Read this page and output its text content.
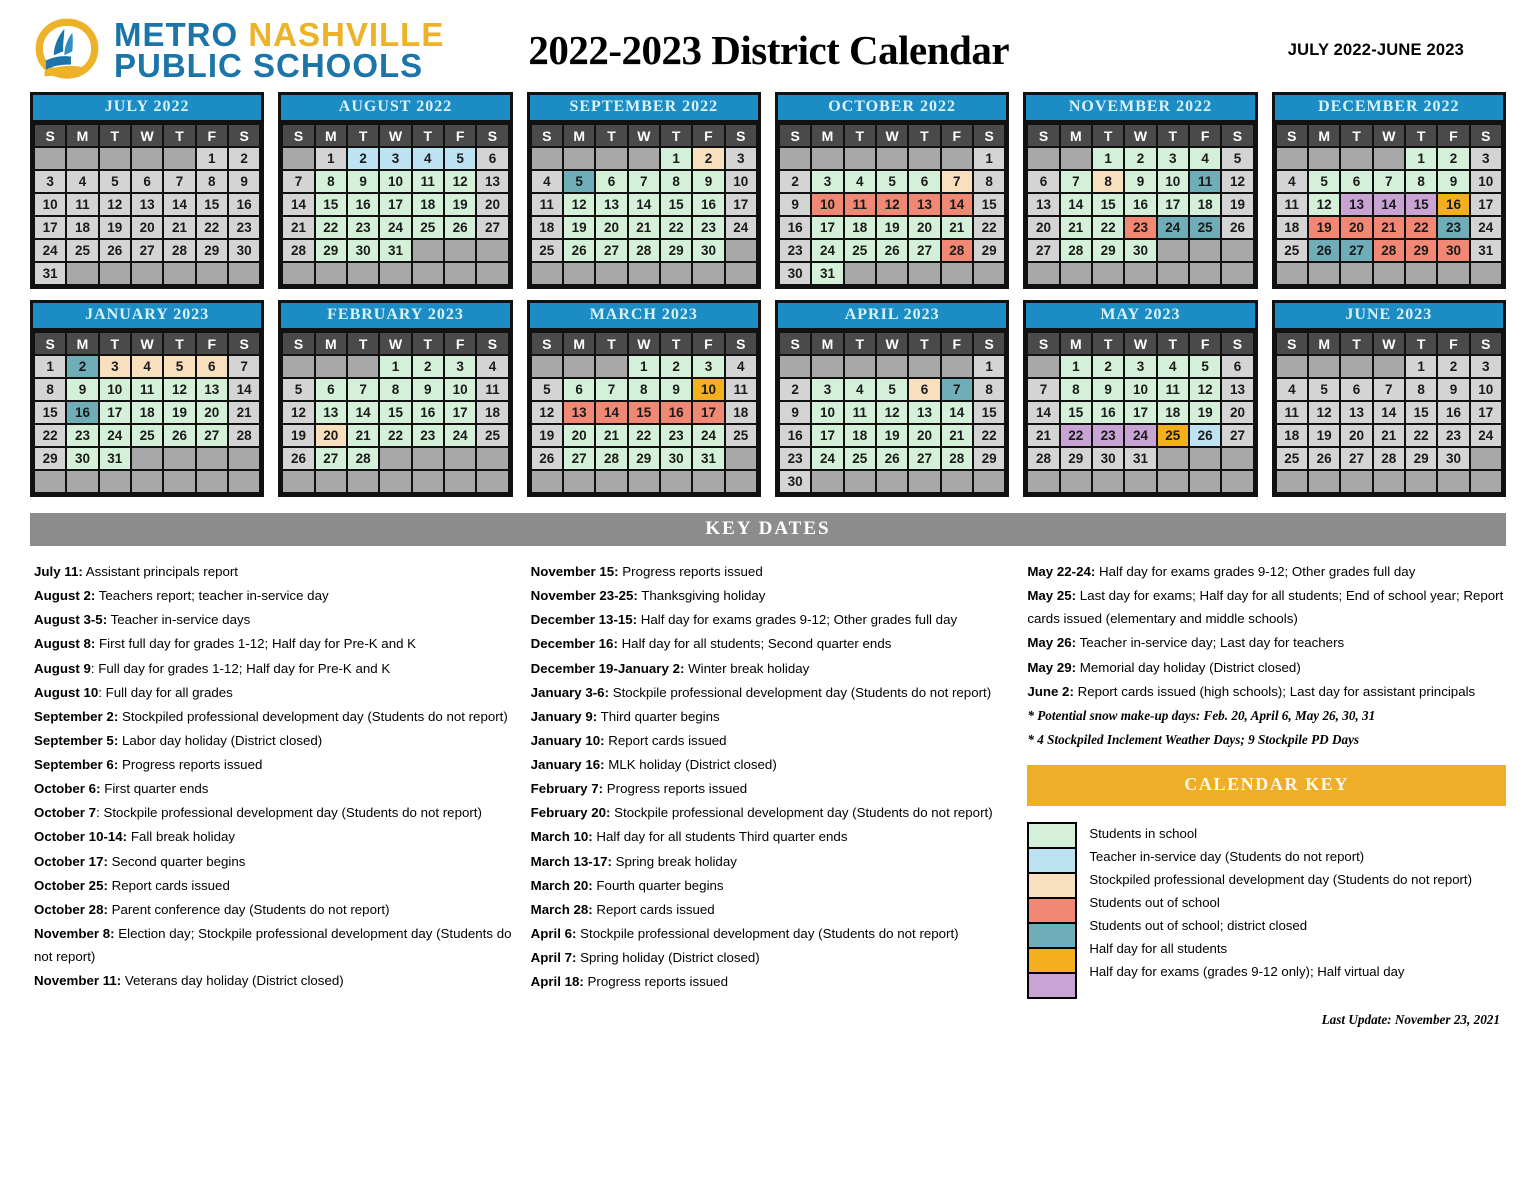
METRO NASHVILLE
PUBLIC SCHOOLS	2022-2023 District Calendar	JULY 2022-JUNE 2023
JULY 2022
S	M	T	W	T	F	S
					1	2
3	4	5	6	7	8	9
10	11	12	13	14	15	16
17	18	19	20	21	22	23
24	25	26	27	28	29	30
31						
AUGUST 2022
S	M	T	W	T	F	S
	1	2	3	4	5	6
7	8	9	10	11	12	13
14	15	16	17	18	19	20
21	22	23	24	25	26	27
28	29	30	31			

SEPTEMBER 2022
S	M	T	W	T	F	S
				1	2	3
4	5	6	7	8	9	10
11	12	13	14	15	16	17
18	19	20	21	22	23	24
25	26	27	28	29	30	

OCTOBER 2022
S	M	T	W	T	F	S
						1
2	3	4	5	6	7	8
9	10	11	12	13	14	15
16	17	18	19	20	21	22
23	24	25	26	27	28	29
30	31					
NOVEMBER 2022
S	M	T	W	T	F	S
		1	2	3	4	5
6	7	8	9	10	11	12
13	14	15	16	17	18	19
20	21	22	23	24	25	26
27	28	29	30			

DECEMBER 2022
S	M	T	W	T	F	S
				1	2	3
4	5	6	7	8	9	10
11	12	13	14	15	16	17
18	19	20	21	22	23	24
25	26	27	28	29	30	31

JANUARY 2023
S	M	T	W	T	F	S
1	2	3	4	5	6	7
8	9	10	11	12	13	14
15	16	17	18	19	20	21
22	23	24	25	26	27	28
29	30	31				

FEBRUARY 2023
S	M	T	W	T	F	S
			1	2	3	4
5	6	7	8	9	10	11
12	13	14	15	16	17	18
19	20	21	22	23	24	25
26	27	28				

MARCH 2023
S	M	T	W	T	F	S
			1	2	3	4
5	6	7	8	9	10	11
12	13	14	15	16	17	18
19	20	21	22	23	24	25
26	27	28	29	30	31	

APRIL 2023
S	M	T	W	T	F	S
						1
2	3	4	5	6	7	8
9	10	11	12	13	14	15
16	17	18	19	20	21	22
23	24	25	26	27	28	29
30						
MAY 2023
S	M	T	W	T	F	S
	1	2	3	4	5	6
7	8	9	10	11	12	13
14	15	16	17	18	19	20
21	22	23	24	25	26	27
28	29	30	31			

JUNE 2023
S	M	T	W	T	F	S
				1	2	3
4	5	6	7	8	9	10
11	12	13	14	15	16	17
18	19	20	21	22	23	24
25	26	27	28	29	30	

KEY DATES
July 11: Assistant principals report
August 2: Teachers report; teacher in-service day
August 3-5: Teacher in-service days
August 8: First full day for grades 1-12; Half day for Pre-K and K
August 9: Full day for grades 1-12; Half day for Pre-K and K
August 10: Full day for all grades
September 2: Stockpiled professional development day (Students do not report)
September 5: Labor day holiday (District closed)
September 6: Progress reports issued
October 6: First quarter ends
October 7: Stockpile professional development day (Students do not report)
October 10-14: Fall break holiday
October 17: Second quarter begins
October 25: Report cards issued
October 28: Parent conference day (Students do not report)
November 8: Election day; Stockpile professional development day (Students do not report)
November 11: Veterans day holiday (District closed)
November 15: Progress reports issued
November 23-25: Thanksgiving holiday
December 13-15: Half day for exams grades 9-12; Other grades full day
December 16: Half day for all students; Second quarter ends
December 19-January 2: Winter break holiday
January 3-6: Stockpile professional development day (Students do not report)
January 9: Third quarter begins
January 10: Report cards issued
January 16: MLK holiday (District closed)
February 7: Progress reports issued
February 20: Stockpile professional development day (Students do not report)
March 10: Half day for all students Third quarter ends
March 13-17: Spring break holiday
March 20: Fourth quarter begins
March 28: Report cards issued
April 6: Stockpile professional development day (Students do not report)
April 7: Spring holiday (District closed)
April 18: Progress reports issued
May 22-24: Half day for exams grades 9-12; Other grades full day
May 25: Last day for exams; Half day for all students; End of school year; Report cards issued (elementary and middle schools)
May 26: Teacher in-service day; Last day for teachers
May 29: Memorial day holiday (District closed)
June 2: Report cards issued (high schools); Last day for assistant principals
* Potential snow make-up days: Feb. 20, April 6, May 26, 30, 31
* 4 Stockpiled Inclement Weather Days; 9 Stockpile PD Days
CALENDAR KEY
Students in school
Teacher in-service day (Students do not report)
Stockpiled professional development day (Students do not report)
Students out of school
Students out of school; district closed
Half day for all students
Half day for exams (grades 9-12 only); Half virtual day
Last Update: November 23, 2021
